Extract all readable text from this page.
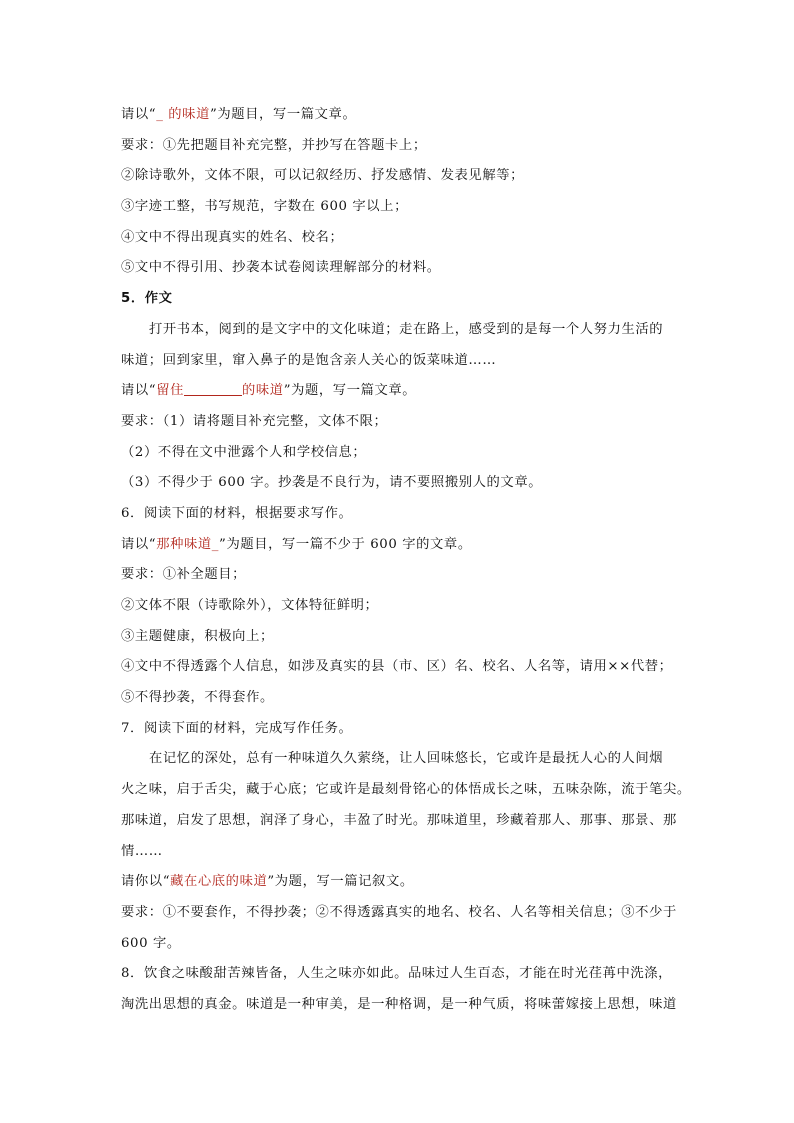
请以“_ 的味道”为题目，写一篇文章。
要求：①先把题目补充完整，并抄写在答题卡上；
②除诗歌外，文体不限，可以记叙经历、抒发感情、发表见解等；
③字迹工整，书写规范，字数在 600 字以上；
④文中不得出现真实的姓名、校名；
⑤文中不得引用、抄袭本试卷阅读理解部分的材料。
5．作文
打开书本，阅到的是文字中的文化味道；走在路上，感受到的是每一个人努力生活的
味道；回到家里，窜入鼻子的是饱含亲人关心的饭菜味道……
请以“留住	的味道”为题，写一篇文章。
要求：（1）请将题目补充完整，文体不限；
（2）不得在文中泄露个人和学校信息；
（3）不得少于 600 字。抄袭是不良行为，请不要照搬别人的文章。
6．阅读下面的材料，根据要求写作。
请以“那种味道_”为题目，写一篇不少于 600 字的文章。
要求：①补全题目；
②文体不限（诗歌除外），文体特征鲜明；
③主题健康，积极向上；
④文中不得透露个人信息，如涉及真实的县（市、区）名、校名、人名等，请用××代替；
⑤不得抄袭，不得套作。
7．阅读下面的材料，完成写作任务。
在记忆的深处，总有一种味道久久萦绕，让人回味悠长，它或许是最抚人心的人间烟
火之味，启于舌尖，藏于心底；它或许是最刻骨铭心的体悟成长之味，五味杂陈，流于笔尖。
那味道，启发了思想，润泽了身心，丰盈了时光。那味道里，珍藏着那人、那事、那景、那
情……
请你以“藏在心底的味道”为题，写一篇记叙文。
要求：①不要套作，不得抄袭；②不得透露真实的地名、校名、人名等相关信息；③不少于
600 字。
8．饮食之味酸甜苦辣皆备，人生之味亦如此。品味过人生百态，才能在时光荏苒中洗涤，
淘洗出思想的真金。味道是一种审美，是一种格调，是一种气质，将味蕾嫁接上思想，味道
